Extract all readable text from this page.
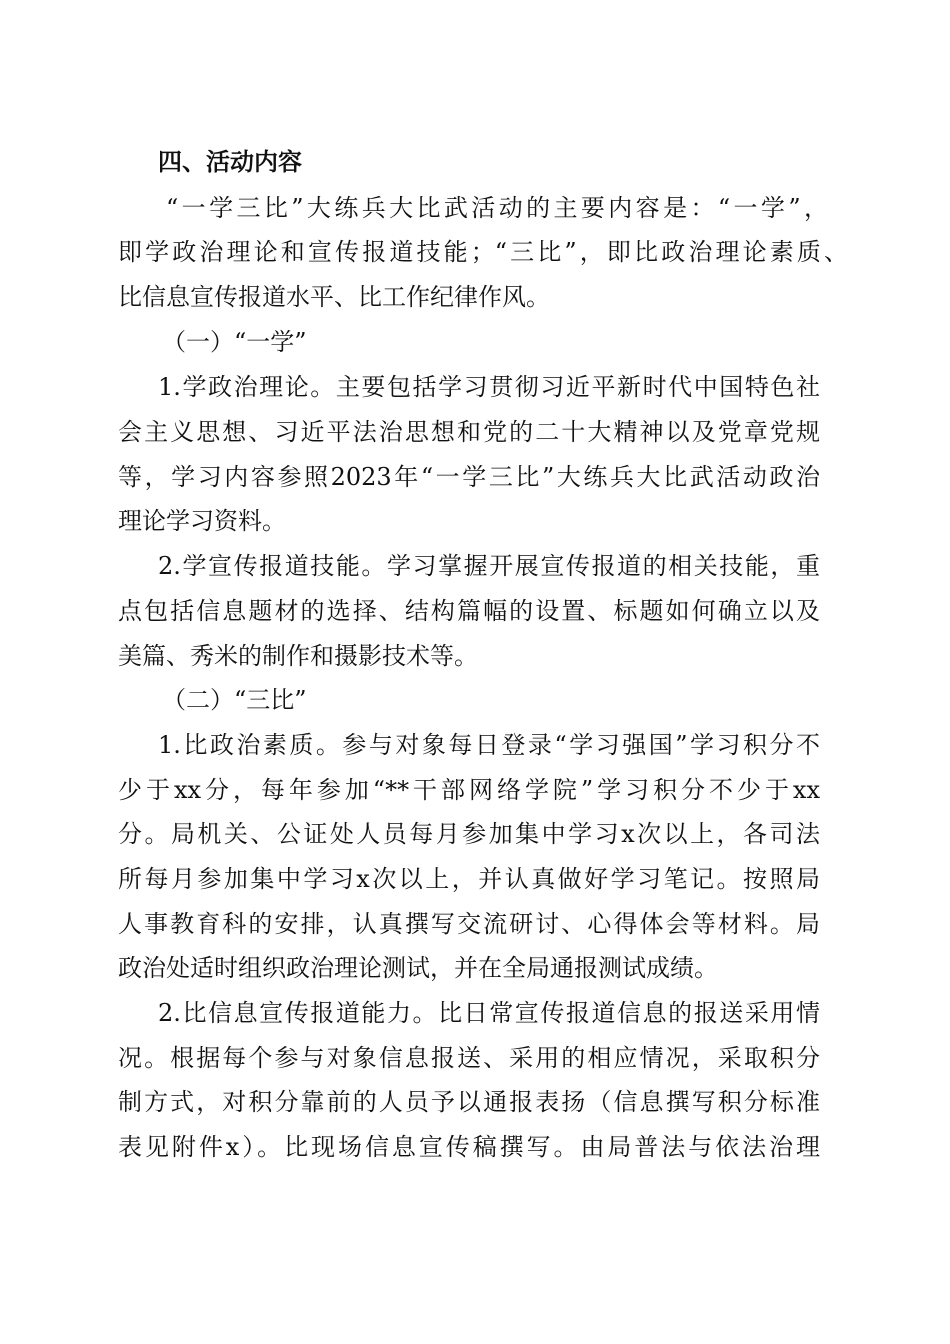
四、活动内容
“一学三比”大练兵大比武活动的主要内容是：“一学”，
即学政治理论和宣传报道技能；“三比”，即比政治理论素质、
比信息宣传报道水平、比工作纪律作风。
（一）“一学”
1.学政治理论。主要包括学习贯彻习近平新时代中国特色社
会主义思想、习近平法治思想和党的二十大精神以及党章党规
等，学习内容参照2023年“一学三比”大练兵大比武活动政治
理论学习资料。
2.学宣传报道技能。学习掌握开展宣传报道的相关技能，重
点包括信息题材的选择、结构篇幅的设置、标题如何确立以及
美篇、秀米的制作和摄影技术等。
（二）“三比”
1.比政治素质。参与对象每日登录“学习强国”学习积分不
少于xx分，每年参加“**干部网络学院”学习积分不少于xx
分。局机关、公证处人员每月参加集中学习x次以上，各司法
所每月参加集中学习x次以上，并认真做好学习笔记。按照局
人事教育科的安排，认真撰写交流研讨、心得体会等材料。局
政治处适时组织政治理论测试，并在全局通报测试成绩。
2.比信息宣传报道能力。比日常宣传报道信息的报送采用情
况。根据每个参与对象信息报送、采用的相应情况，采取积分
制方式，对积分靠前的人员予以通报表扬（信息撰写积分标准
表见附件x）。比现场信息宣传稿撰写。由局普法与依法治理
